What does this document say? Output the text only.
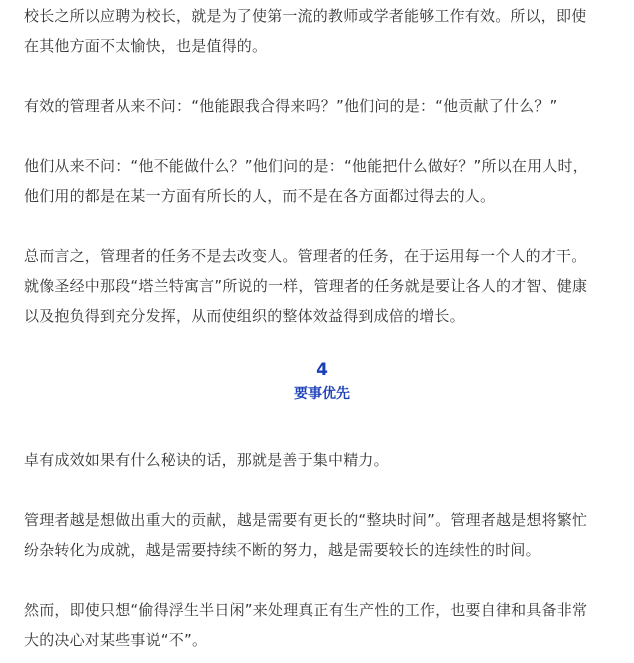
校长之所以应聘为校长，就是为了使第一流的教师或学者能够工作有效。所以，即使
在其他方面不太愉快，也是值得的。
有效的管理者从来不问：“他能跟我合得来吗？”他们问的是：“他贡献了什么？”
他们从来不问：“他不能做什么？”他们问的是：“他能把什么做好？”所以在用人时，
他们用的都是在某一方面有所长的人，而不是在各方面都过得去的人。
总而言之，管理者的任务不是去改变人。管理者的任务，在于运用每一个人的才干。
就像圣经中那段“塔兰特寓言”所说的一样，管理者的任务就是要让各人的才智、健康
以及抱负得到充分发挥，从而使组织的整体效益得到成倍的增长。
4
要事优先
卓有成效如果有什么秘诀的话，那就是善于集中精力。
管理者越是想做出重大的贡献，越是需要有更长的“整块时间”。管理者越是想将繁忙
纷杂转化为成就，越是需要持续不断的努力，越是需要较长的连续性的时间。
然而，即使只想“偷得浮生半日闲”来处理真正有生产性的工作，也要自律和具备非常
大的决心对某些事说“不”。
